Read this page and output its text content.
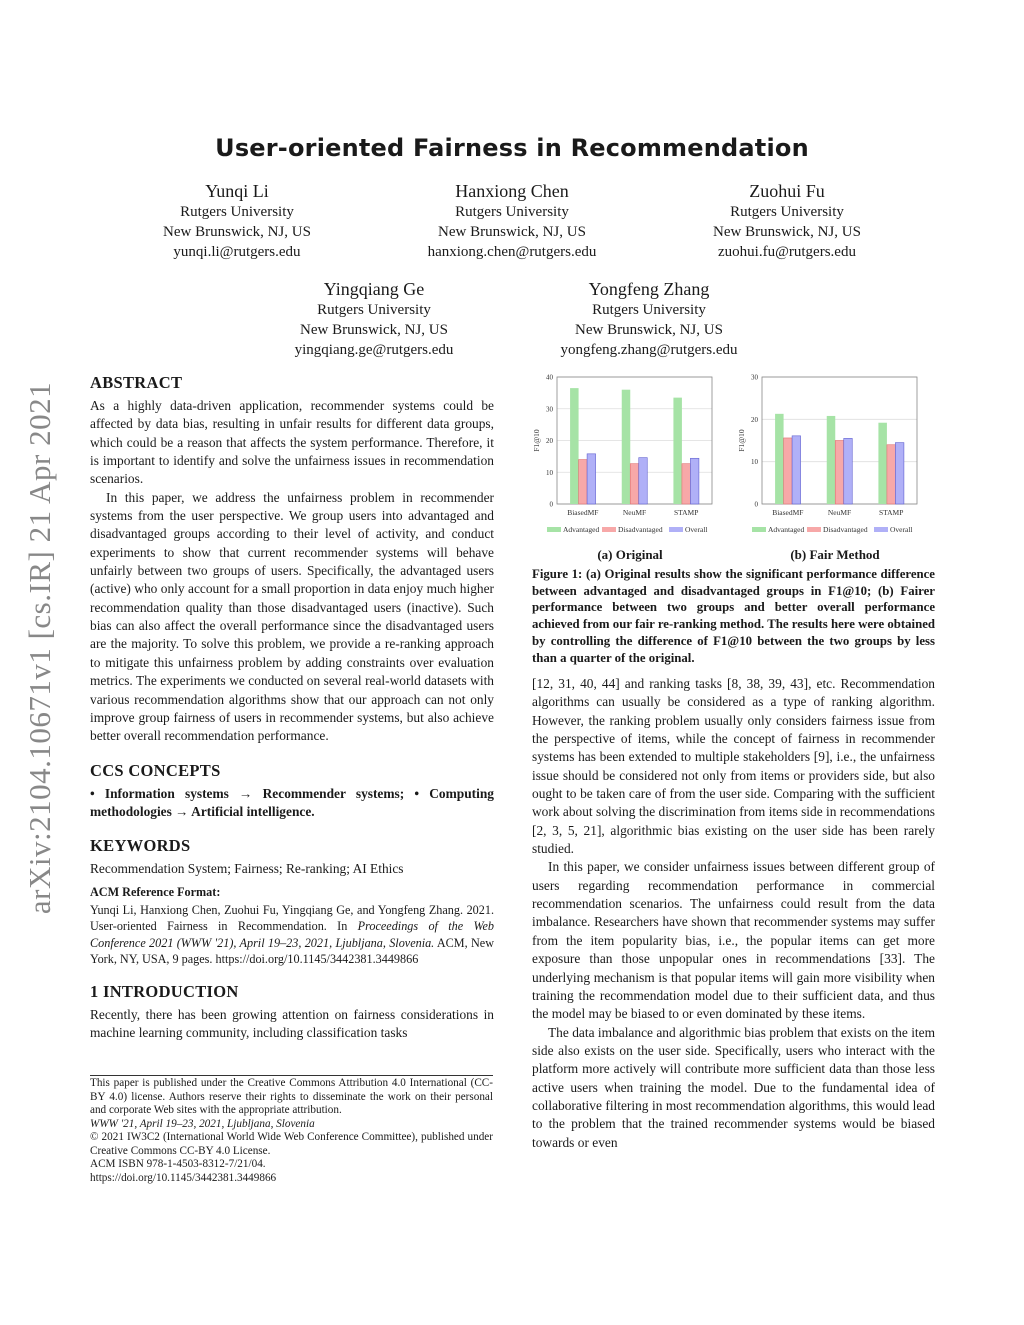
arXiv:2104.10671v1 [cs.IR] 21 Apr 2021
User-oriented Fairness in Recommendation
Yunqi Li
Rutgers University
New Brunswick, NJ, US
yunqi.li@rutgers.edu
Hanxiong Chen
Rutgers University
New Brunswick, NJ, US
hanxiong.chen@rutgers.edu
Zuohui Fu
Rutgers University
New Brunswick, NJ, US
zuohui.fu@rutgers.edu
Yingqiang Ge
Rutgers University
New Brunswick, NJ, US
yingqiang.ge@rutgers.edu
Yongfeng Zhang
Rutgers University
New Brunswick, NJ, US
yongfeng.zhang@rutgers.edu
ABSTRACT

As a highly data-driven application, recommender systems could be affected by data bias, resulting in unfair results for different data groups, which could be a reason that affects the system performance. Therefore, it is important to identify and solve the unfairness issues in recommendation scenarios.

In this paper, we address the unfairness problem in recommender systems from the user perspective. We group users into advantaged and disadvantaged groups according to their level of activity, and conduct experiments to show that current recommender systems will behave unfairly between two groups of users. Specifically, the advantaged users (active) who only account for a small proportion in data enjoy much higher recommendation quality than those disadvantaged users (inactive). Such bias can also affect the overall performance since the disadvantaged users are the majority. To solve this problem, we provide a re-ranking approach to mitigate this unfairness problem by adding constraints over evaluation metrics. The experiments we conducted on several real-world datasets with various recommendation algorithms show that our approach can not only improve group fairness of users in recommender systems, but also achieve better overall recommendation performance.

CCS CONCEPTS

• Information systems → Recommender systems; • Computing methodologies → Artificial intelligence.

KEYWORDS

Recommendation System; Fairness; Re-ranking; AI Ethics

ACM Reference Format:
Yunqi Li, Hanxiong Chen, Zuohui Fu, Yingqiang Ge, and Yongfeng Zhang. 2021. User-oriented Fairness in Recommendation. In Proceedings of the Web Conference 2021 (WWW '21), April 19–23, 2021, Ljubljana, Slovenia. ACM, New York, NY, USA, 9 pages. https://doi.org/10.1145/3442381.3449866
1 INTRODUCTION

Recently, there has been growing attention on fairness considerations in machine learning community, including classification tasks

This paper is published under the Creative Commons Attribution 4.0 International (CC-BY 4.0) license. Authors reserve their rights to disseminate the work on their personal and corporate Web sites with the appropriate attribution.
WWW '21, April 19–23, 2021, Ljubljana, Slovenia
© 2021 IW3C2 (International World Wide Web Conference Committee), published under Creative Commons CC-BY 4.0 License.
ACM ISBN 978-1-4503-8312-7/21/04.
https://doi.org/10.1145/3442381.3449866
0
10
20
30
40
F1@10
BiasedMF	NeuMF	STAMP
Advantaged	Disadvantaged	Overall
0
10
20
30
F1@10
BiasedMF	NeuMF	STAMP
Advantaged	Disadvantaged	Overall
(a) Original	(b) Fair Method
Figure 1: (a) Original results show the significant performance difference between advantaged and disadvantaged groups in F1@10; (b) Fairer performance between two groups and better overall performance achieved from our fair re-ranking method. The results here were obtained by controlling the difference of F1@10 between the two groups by less than a quarter of the original.

[12, 31, 40, 44] and ranking tasks [8, 38, 39, 43], etc. Recommendation algorithms can usually be considered as a type of ranking algorithm. However, the ranking problem usually only considers fairness issue from the perspective of items, while the concept of fairness in recommender systems has been extended to multiple stakeholders [9], i.e., the unfairness issue should be considered not only from items or providers side, but also ought to be taken care of from the user side. Comparing with the sufficient work about solving the discrimination from items side in recommendations [2, 3, 5, 21], algorithmic bias existing on the user side has been rarely studied.

In this paper, we consider unfairness issues between different group of users regarding recommendation performance in commercial recommendation scenarios. The unfairness could result from the data imbalance. Researchers have shown that recommender systems may suffer from the item popularity bias, i.e., the popular items can get more exposure than those unpopular ones in recommendations [33]. The underlying mechanism is that popular items will gain more visibility when training the recommendation model due to their sufficient data, and thus the model may be biased to or even dominated by these items.

The data imbalance and algorithmic bias problem that exists on the item side also exists on the user side. Specifically, users who interact with the platform more actively will contribute more sufficient data than those less active users when training the model. Due to the fundamental idea of collaborative filtering in most recommendation algorithms, this would lead to the problem that the trained recommender systems would be biased towards or even
